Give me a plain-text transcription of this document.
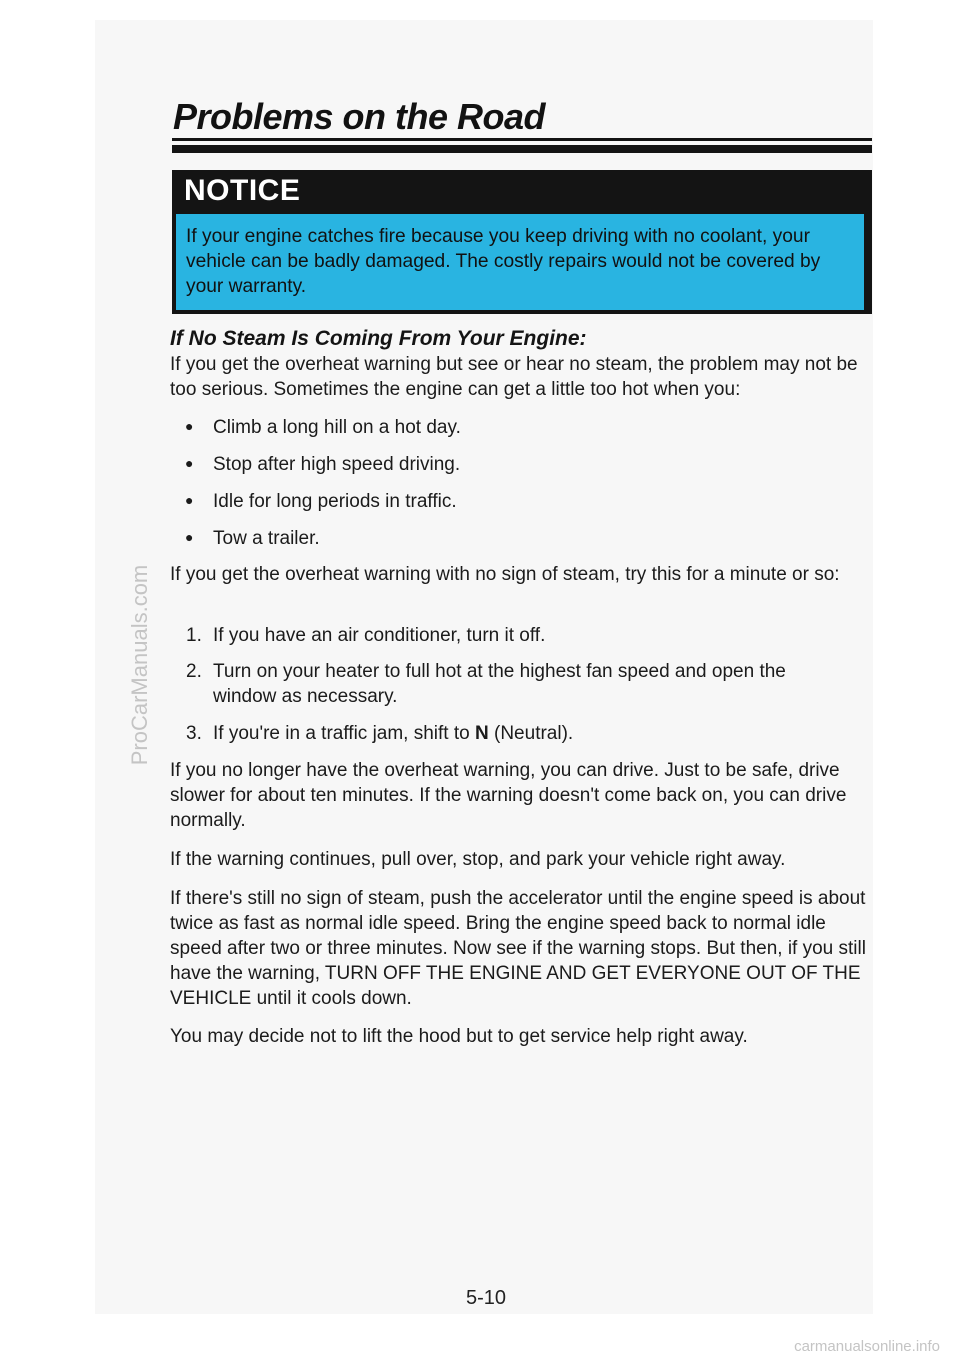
Problems on the Road
NOTICE
If your engine catches fire because you keep driving with no coolant, your vehicle can be badly damaged. The costly repairs would not be covered by your warranty.
If No Steam Is Coming From Your Engine:

If you get the overheat warning but see or hear no steam, the problem may not be too serious. Sometimes the engine can get a little too hot when you:

● Climb a long hill on a hot day.
● Stop after high speed driving.
● Idle for long periods in traffic.
● Tow a trailer.

If you get the overheat warning with no sign of steam, try this for a minute or so:

1. If you have an air conditioner, turn it off.
2. Turn on your heater to full hot at the highest fan speed and open the window as necessary.
3. If you're in a traffic jam, shift to N (Neutral).

If you no longer have the overheat warning, you can drive. Just to be safe, drive slower for about ten minutes. If the warning doesn't come back on, you can drive normally.

If the warning continues, pull over, stop, and park your vehicle right away.

If there's still no sign of steam, push the accelerator until the engine speed is about twice as fast as normal idle speed. Bring the engine speed back to normal idle speed after two or three minutes. Now see if the warning stops. But then, if you still have the warning, TURN OFF THE ENGINE AND GET EVERYONE OUT OF THE VEHICLE until it cools down.

You may decide not to lift the hood but to get service help right away.

5-10
ProCarManuals.com
carmanualsonline.info
